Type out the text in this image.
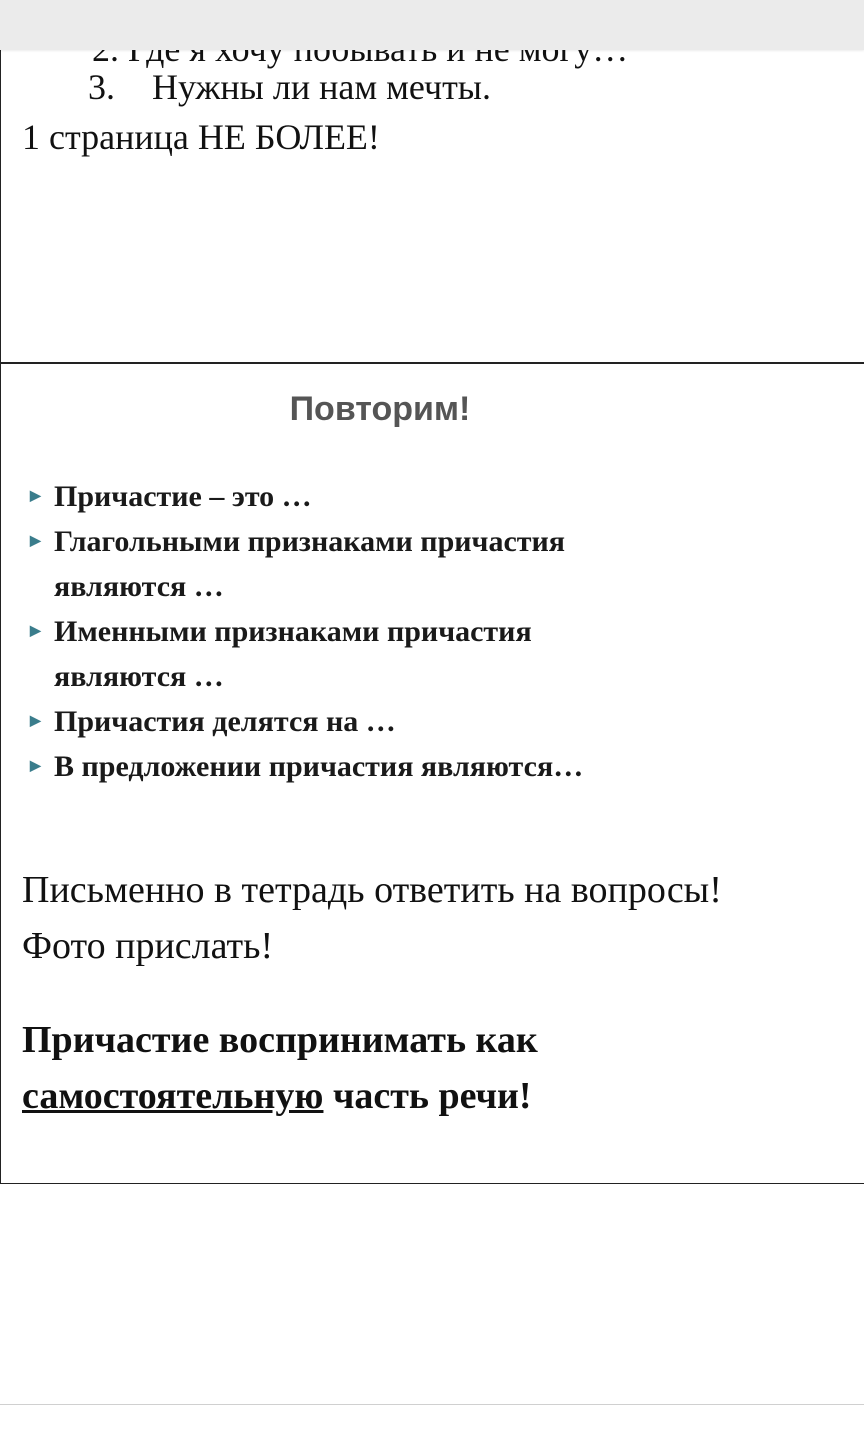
3. Нужны ли нам мечты.
1 страница НЕ БОЛЕЕ!
Повторим!
▶ Причастие – это …
▶ Глагольными признаками причастия
являются …
▶ Именными признаками причастия
являются …
▶ Причастия делятся на …
▶ В предложении причастия являются…
Письменно в тетрадь ответить на вопросы!
Фото прислать!
Причастие воспринимать как
самостоятельную часть речи!
